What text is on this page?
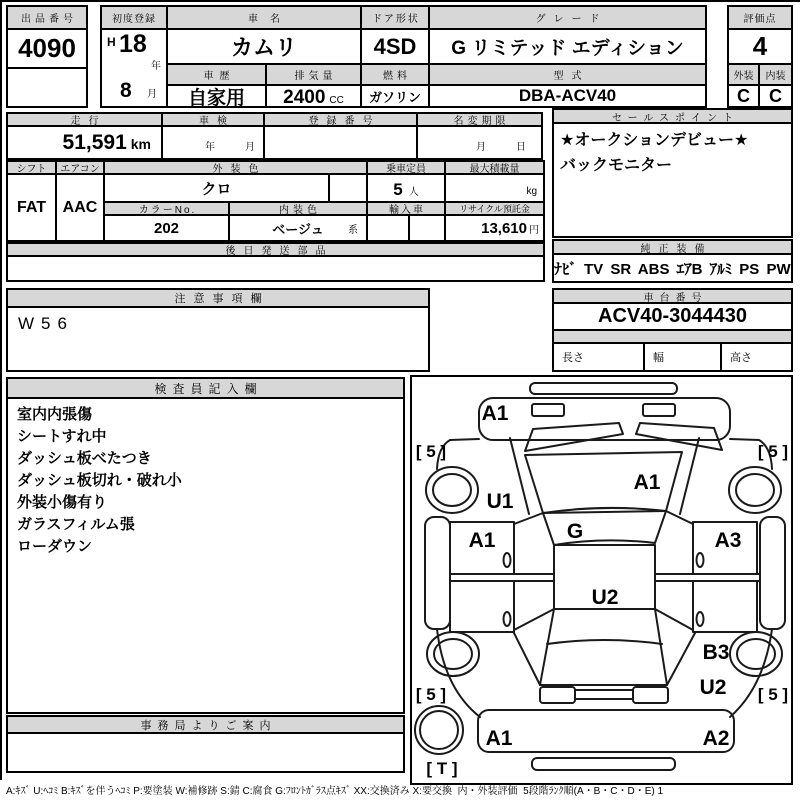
出品番号
4090
初度登録
H 18
年
8 月
車名
カムリ
車歴
自家用
排気量
2400 CC
ドア形状
4SD
燃料
ガソリン
グレード
G リミテッド エディション
型式
DBA-ACV40
評価点
4
外装	内装
C	C
走行
51,591 km
車検
年	月
登録番号	名変期限
月	日
セールスポイント
★オークションデビュー★
バックモニター
シフト	エアコン
FAT	AAC
外装色
クロ
カラーNo.	内装色
202	ベージュ 系
乗車定員
5 人
輸入車
最大積載量
kg
リサイクル預託金
13,610 円
後日発送部品	純正装備
ﾅﾋﾞ TV SR ABS ｴｱB ｱﾙﾐ PS PW
注意事項欄
W56
車台番号
ACV40-3044430
長さ	幅	高さ
検査員記入欄
室内内張傷
シートすれ中
ダッシュ板べたつき
ダッシュ板切れ・破れ小
外装小傷有り
ガラスフィルム張
ローダウン
事務局よりご案内
A1
A1
U1
A1	G	A3
U2
B3
U2
A1	A2
[ 5 ]	[ 5 ]
[ 5 ]	[ 5 ]
[ T ]
A:ｷｽﾞ U:ﾍｺﾐ B:ｷｽﾞを伴うﾍｺﾐ P:要塗装 W:補修跡 S:錆 C:腐食 G:ﾌﾛﾝﾄｶﾞﾗｽ点ｷｽﾞ XX:交換済み X:要交換  内・外装評価  5段階ﾗﾝｸ順(A・B・C・D・E) 1
